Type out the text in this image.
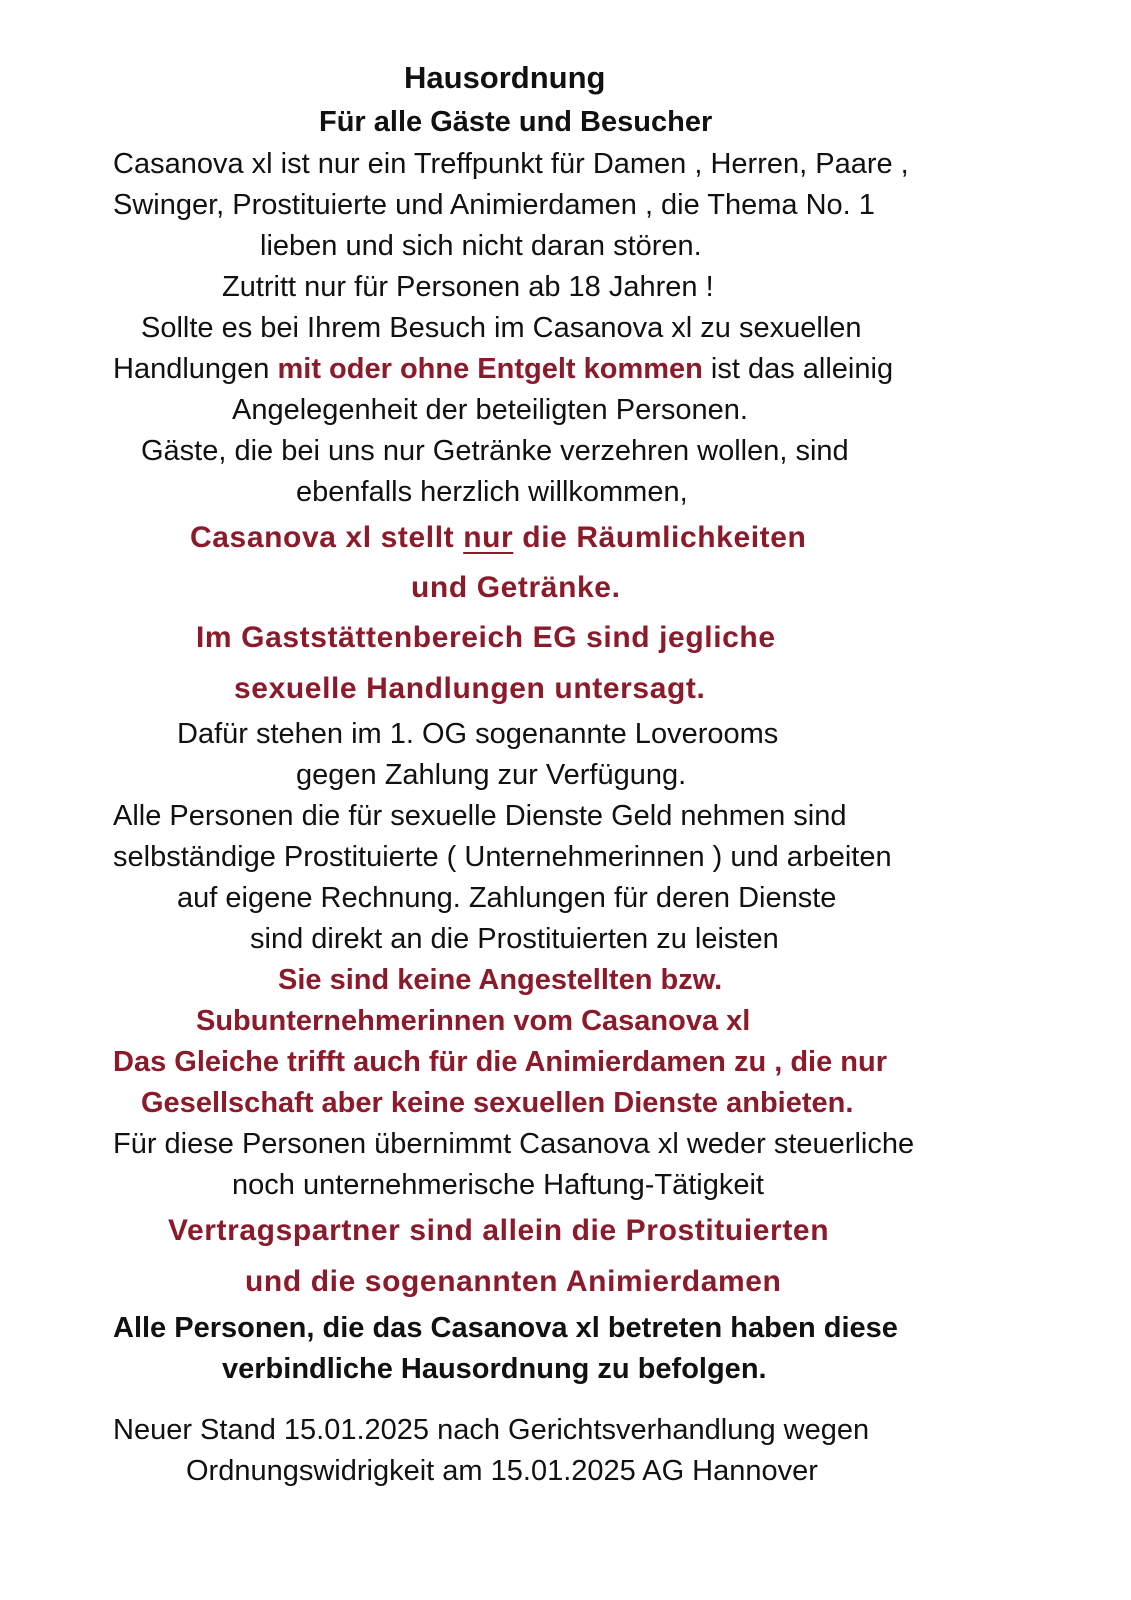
Hausordnung
Für alle Gäste und Besucher
Casanova xl ist nur ein Treffpunkt für Damen , Herren, Paare ,
Swinger, Prostituierte und Animierdamen , die Thema No. 1
lieben und sich nicht daran stören.
Zutritt nur für Personen ab 18 Jahren !
Sollte es bei Ihrem Besuch im Casanova xl zu sexuellen
Handlungen mit oder ohne Entgelt kommen ist das alleinig
Angelegenheit der beteiligten Personen.
Gäste, die bei uns nur Getränke verzehren wollen, sind
ebenfalls herzlich willkommen,
Casanova xl stellt nur die Räumlichkeiten
und Getränke.
Im Gaststättenbereich EG sind jegliche
sexuelle Handlungen untersagt.
Dafür stehen im 1. OG sogenannte Loverooms
gegen Zahlung zur Verfügung.
Alle Personen die für sexuelle Dienste Geld nehmen sind
selbständige Prostituierte ( Unternehmerinnen ) und arbeiten
auf eigene Rechnung. Zahlungen für deren Dienste
sind direkt an die Prostituierten zu leisten
Sie sind keine Angestellten bzw.
Subunternehmerinnen vom Casanova xl
Das Gleiche trifft auch für die Animierdamen zu , die nur
Gesellschaft aber keine sexuellen Dienste anbieten.
Für diese Personen übernimmt Casanova xl weder steuerliche
noch unternehmerische Haftung-Tätigkeit
Vertragspartner sind allein die Prostituierten
und die sogenannten Animierdamen
Alle Personen, die das Casanova xl betreten haben diese
verbindliche Hausordnung zu befolgen.
Neuer Stand 15.01.2025 nach Gerichtsverhandlung wegen
Ordnungswidrigkeit am 15.01.2025 AG Hannover
